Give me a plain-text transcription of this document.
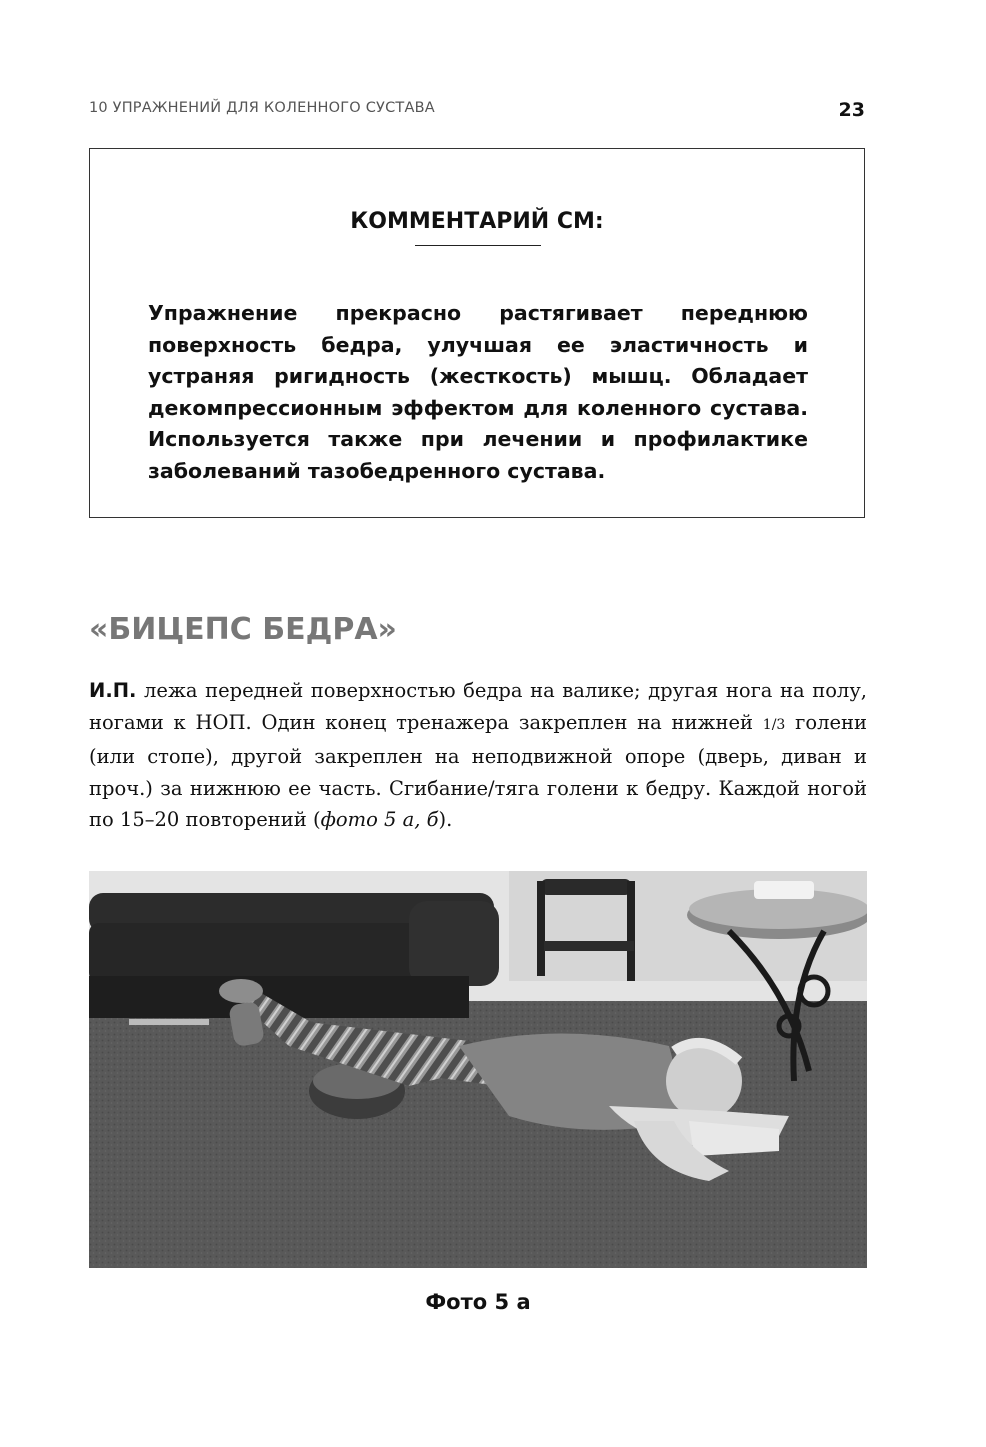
10 УПРАЖНЕНИЙ ДЛЯ КОЛЕННОГО СУСТАВА	23
КОММЕНТАРИЙ СМ:

Упражнение прекрасно растягивает переднюю поверхность бедра, улучшая ее эластичность и устраняя ригидность (жесткость) мышц. Обладает декомпрессионным эффектом для коленного сустава. Используется также при лечении и профилактике заболеваний тазобедренного сустава.

«БИЦЕПС БЕДРА»

И.П. лежа передней поверхностью бедра на валике; другая нога на полу, ногами к НОП. Один конец тренажера закреплен на нижней 1/3 голени (или стопе), другой закреплен на неподвижной опоре (дверь, диван и проч.) за нижнюю ее часть. Сгибание/тяга голени к бедру. Каждой ногой по 15–20 повторений (фото 5 а, б).

Фото 5 а
